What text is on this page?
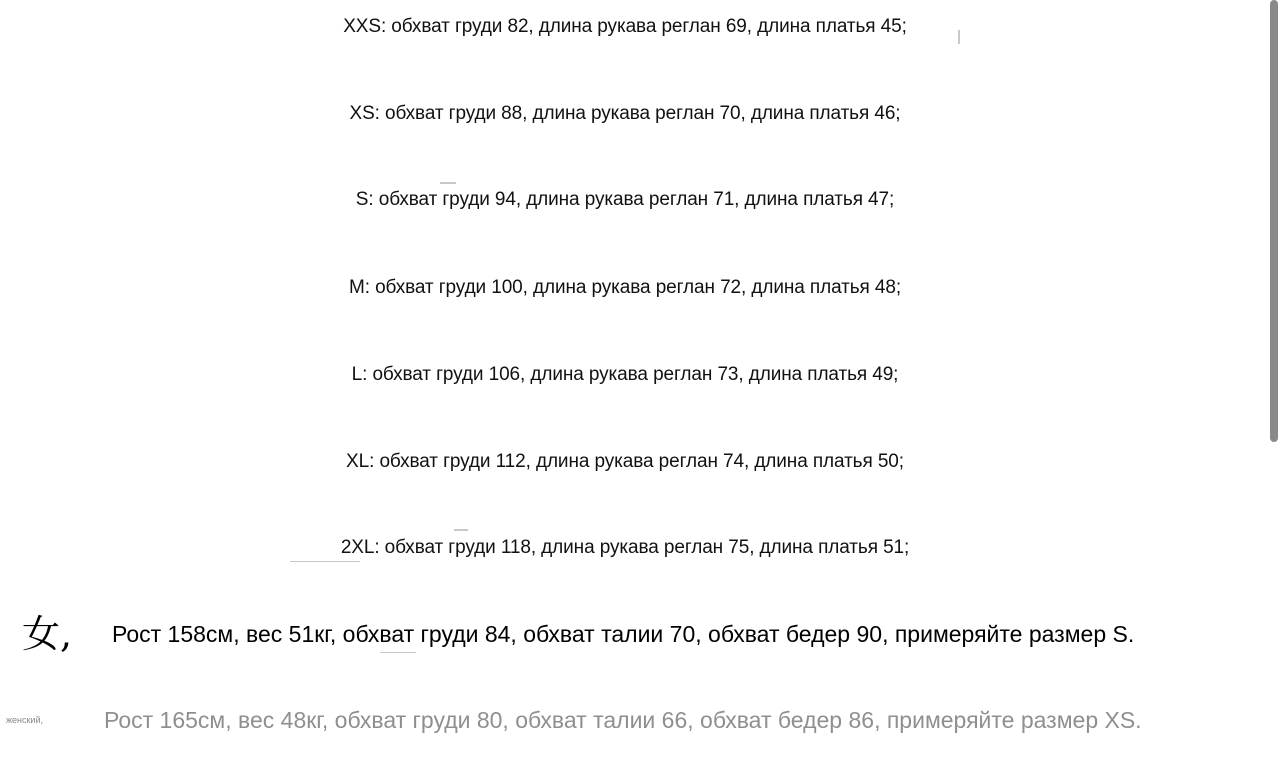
XXS: обхват груди 82, длина рукава реглан 69, длина платья 45;
XS: обхват груди 88, длина рукава реглан 70, длина платья 46;
S: обхват груди 94, длина рукава реглан 71, длина платья 47;
M: обхват груди 100, длина рукава реглан 72, длина платья 48;
L: обхват груди 106, длина рукава реглан 73, длина платья 49;
XL: обхват груди 112, длина рукава реглан 74, длина платья 50;
2XL: обхват груди 118, длина рукава реглан 75, длина платья 51;
女, Рост 158см, вес 51кг, обхват груди 84, обхват талии 70, обхват бедер 90, примеряйте размер S.
женский,	Рост 165см, вес 48кг, обхват груди 80, обхват талии 66, обхват бедер 86, примеряйте размер XS.
